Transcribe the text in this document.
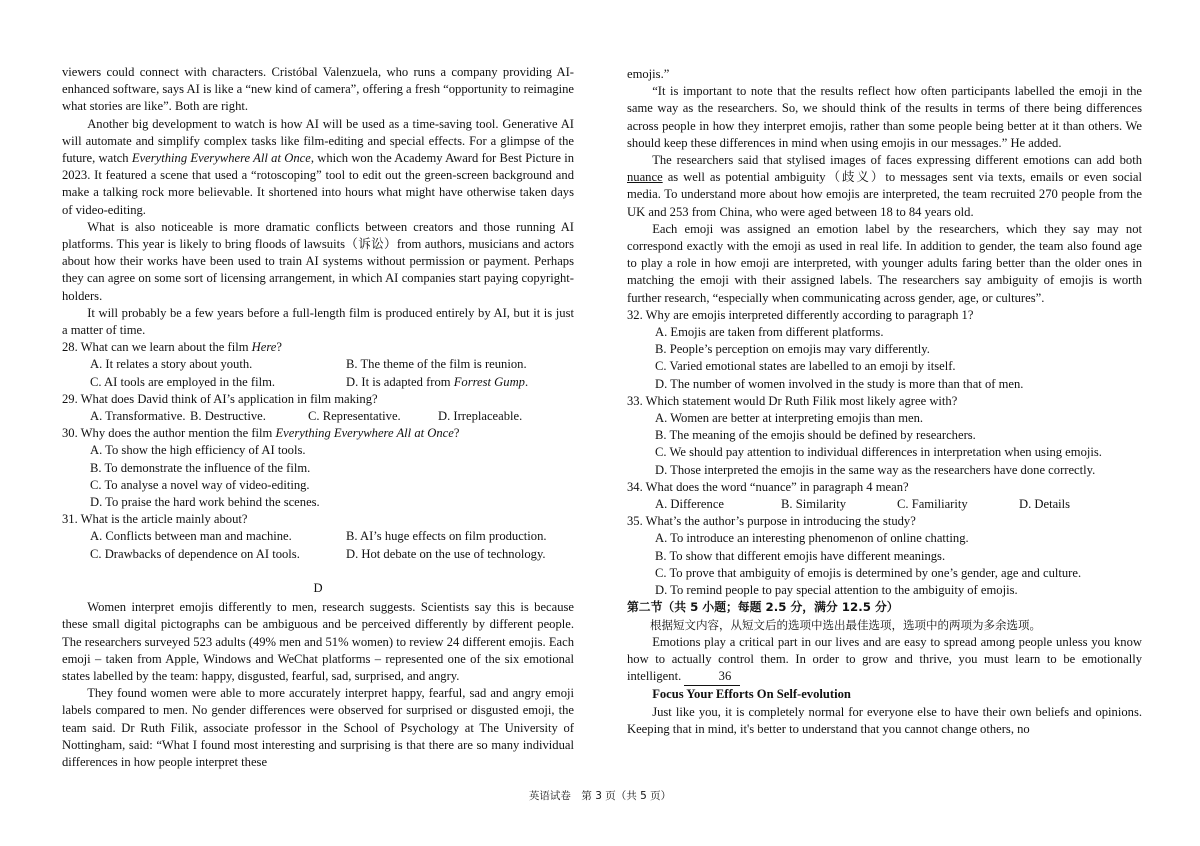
viewers could connect with characters. Cristóbal Valenzuela, who runs a company providing AI-enhanced software, says AI is like a “new kind of camera”, offering a fresh “opportunity to reimagine what stories are like”. Both are right.

Another big development to watch is how AI will be used as a time-saving tool. Generative AI will automate and simplify complex tasks like film-editing and special effects. For a glimpse of the future, watch Everything Everywhere All at Once, which won the Academy Award for Best Picture in 2023. It featured a scene that used a “rotoscoping” tool to edit out the green-screen background and make a talking rock more believable. It shortened into hours what might have otherwise taken days of video-editing.

What is also noticeable is more dramatic conflicts between creators and those running AI platforms. This year is likely to bring floods of lawsuits（诉讼）from authors, musicians and actors about how their works have been used to train AI systems without permission or payment. Perhaps they can agree on some sort of licensing arrangement, in which AI companies start paying copyright-holders.

It will probably be a few years before a full-length film is produced entirely by AI, but it is just a matter of time.

28. What can we learn about the film Here?
A. It relates a story about youth.	B. The theme of the film is reunion.
C. AI tools are employed in the film.	D. It is adapted from Forrest Gump.
29. What does David think of AI’s application in film making?
A. Transformative. B. Destructive.	C. Representative.	D. Irreplaceable.
30. Why does the author mention the film Everything Everywhere All at Once?
A. To show the high efficiency of AI tools.
B. To demonstrate the influence of the film.
C. To analyse a novel way of video-editing.
D. To praise the hard work behind the scenes.
31. What is the article mainly about?
A. Conflicts between man and machine.	B. AI’s huge effects on film production.
C. Drawbacks of dependence on AI tools.	D. Hot debate on the use of technology.
D

Women interpret emojis differently to men, research suggests. Scientists say this is because these small digital pictographs can be ambiguous and be perceived differently by different people. The researchers surveyed 523 adults (49% men and 51% women) to review 24 different emojis. Each emoji – taken from Apple, Windows and WeChat platforms – represented one of the six emotional states labelled by the team: happy, disgusted, fearful, sad, surprised, and angry.

They found women were able to more accurately interpret happy, fearful, sad and angry emoji labels compared to men. No gender differences were observed for surprised or disgusted emoji, the team said. Dr Ruth Filik, associate professor in the School of Psychology at The University of Nottingham, said: “What I found most interesting and surprising is that there are so many individual differences in how people interpret these

emojis.”

“It is important to note that the results reflect how often participants labelled the emoji in the same way as the researchers. So, we should think of the results in terms of there being differences across people in how they interpret emojis, rather than some people being better at it than others. We should keep these differences in mind when using emojis in our messages.” He added.

The researchers said that stylised images of faces expressing different emotions can add both nuance as well as potential ambiguity（歧义）to messages sent via texts, emails or even social media. To understand more about how emojis are interpreted, the team recruited 270 people from the UK and 253 from China, who were aged between 18 to 84 years old.

Each emoji was assigned an emotion label by the researchers, which they say may not correspond exactly with the emoji as used in real life. In addition to gender, the team also found age to play a role in how emoji are interpreted, with younger adults faring better than the older ones in matching the emoji with their assigned labels. The researchers say ambiguity of emojis is worth further research, “especially when communicating across gender, age, or cultures”.

32. Why are emojis interpreted differently according to paragraph 1?
A. Emojis are taken from different platforms.
B. People’s perception on emojis may vary differently.
C. Varied emotional states are labelled to an emoji by itself.
D. The number of women involved in the study is more than that of men.
33. Which statement would Dr Ruth Filik most likely agree with?
A. Women are better at interpreting emojis than men.
B. The meaning of the emojis should be defined by researchers.
C. We should pay attention to individual differences in interpretation when using emojis.
D. Those interpreted the emojis in the same way as the researchers have done correctly.
34. What does the word “nuance” in paragraph 4 mean?
A. Difference	B. Similarity	C. Familiarity	D. Details
35. What’s the author’s purpose in introducing the study?
A. To introduce an interesting phenomenon of online chatting.
B. To show that different emojis have different meanings.
C. To prove that ambiguity of emojis is determined by one’s gender, age and culture.
D. To remind people to pay special attention to the ambiguity of emojis.
第二节（共 5 小题；每题 2.5 分，满分 12.5 分）
根据短文内容，从短文后的选项中选出最佳选项，选项中的两项为多余选项。

Emotions play a critical part in our lives and are easy to spread among people unless you know how to actually control them. In order to grow and thrive, you must learn to be emotionally intelligent.	36

Focus Your Efforts On Self-evolution

Just like you, it is completely normal for everyone else to have their own beliefs and opinions. Keeping that in mind, it's better to understand that you cannot change others, no

英语试卷　第 3 页（共 5 页）
